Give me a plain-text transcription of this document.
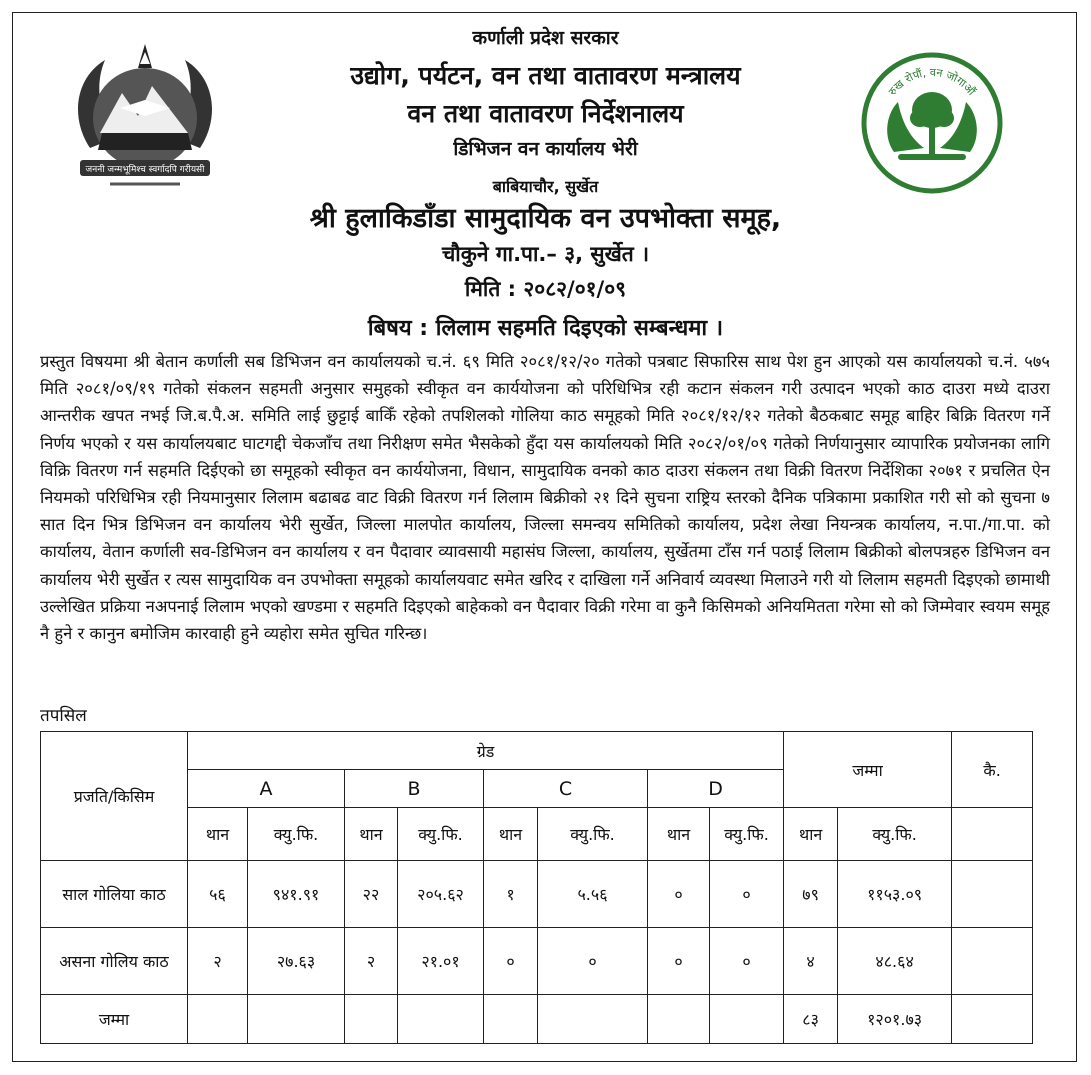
जननी जन्मभूमिश्च स्वर्गादपि गरीयसी
रुख रोपौं, वन जोगाऔं
कर्णाली प्रदेश सरकार
उद्योग, पर्यटन, वन तथा वातावरण मन्त्रालय
वन तथा वातावरण निर्देशनालय
डिभिजन वन कार्यालय भेरी
बाबियाचौर, सुर्खेत
श्री हुलाकिडाँडा सामुदायिक वन उपभोक्ता समूह,
चौकुने गा.पा.– ३, सुर्खेत ।
मिति : २०८२/०१/०९
बिषय : लिलाम सहमति दिइएको सम्बन्धमा ।
प्रस्तुत विषयमा श्री बेतान कर्णाली सब डिभिजन वन कार्यालयको च.नं. ६९ मिति २०८१/१२/२० गतेको पत्रबाट सिफारिस साथ पेश हुन आएको यस कार्यालयको च.नं. ५७५ मिति २०८१/०९/१९ गतेको संकलन सहमती अनुसार समुहको स्वीकृत वन कार्ययोजना को परिधिभित्र रही कटान संकलन गरी उत्पादन भएको काठ दाउरा मध्ये दाउरा आन्तरीक खपत नभई जि.ब.पै.अ. समिति लाई छुट्टाई बाकिँ रहेको तपशिलको गोलिया काठ समूहको मिति २०८१/१२/१२ गतेको बैठकबाट समूह बाहिर बिक्रि वितरण गर्ने निर्णय भएको र यस कार्यालयबाट घाटगद्दी चेकजाँच तथा निरीक्षण समेत भैसकेको हुँदा यस कार्यालयको मिति २०८२/०१/०९ गतेको निर्णयानुसार व्यापारिक प्रयोजनका लागि विक्रि वितरण गर्न सहमति दिईएको छा समूहको स्वीकृत वन कार्ययोजना, विधान, सामुदायिक वनको काठ दाउरा संकलन तथा विक्री वितरण निर्देशिका २०७१ र प्रचलित ऐन नियमको परिधिभित्र रही नियमानुसार लिलाम बढाबढ वाट विक्री वितरण गर्न लिलाम बिक्रीको २१ दिने सुचना राष्ट्रिय स्तरको दैनिक पत्रिकामा प्रकाशित गरी सो को सुचना ७ सात दिन भित्र डिभिजन वन कार्यालय भेरी सुर्खेत, जिल्ला मालपोत कार्यालय, जिल्ला समन्वय समितिको कार्यालय, प्रदेश लेखा नियन्त्रक कार्यालय, न.पा./गा.पा. को कार्यालय, वेतान कर्णाली सव-डिभिजन वन कार्यालय र वन पैदावार व्यावसायी महासंघ जिल्ला, कार्यालय, सुर्खेतमा टाँस गर्न पठाई लिलाम बिक्रीको बोलपत्रहरु डिभिजन वन कार्यालय भेरी सुर्खेत र त्यस सामुदायिक वन उपभोक्ता समूहको कार्यालयवाट समेत खरिद र दाखिला गर्ने अनिवार्य व्यवस्था मिलाउने गरी यो लिलाम सहमती दिइएको छामाथी उल्लेखित प्रक्रिया नअपनाई लिलाम भएको खण्डमा र सहमति दिइएको बाहेकको वन पैदावार विक्री गरेमा वा कुनै किसिमको अनियमितता गरेमा सो को जिम्मेवार स्वयम समूह नै हुने र कानुन बमोजिम कारवाही हुने व्यहोरा समेत सुचित गरिन्छ।
तपसिल
प्रजति/किसिम	ग्रेड								जम्मा		कै.
	A		B		C		D				
	थान	क्यु.फि.	थान	क्यु.फि.	थान	क्यु.फि.	थान	क्यु.फि.	थान	क्यु.फि.	
साल गोलिया काठ	५६	९४१.९१	२२	२०५.६२	१	५.५६	०	०	७९	११५३.०९	
असना गोलिय काठ	२	२७.६३	२	२१.०१	०	०	०	०	४	४८.६४	
जम्मा									८३	१२०१.७३	
